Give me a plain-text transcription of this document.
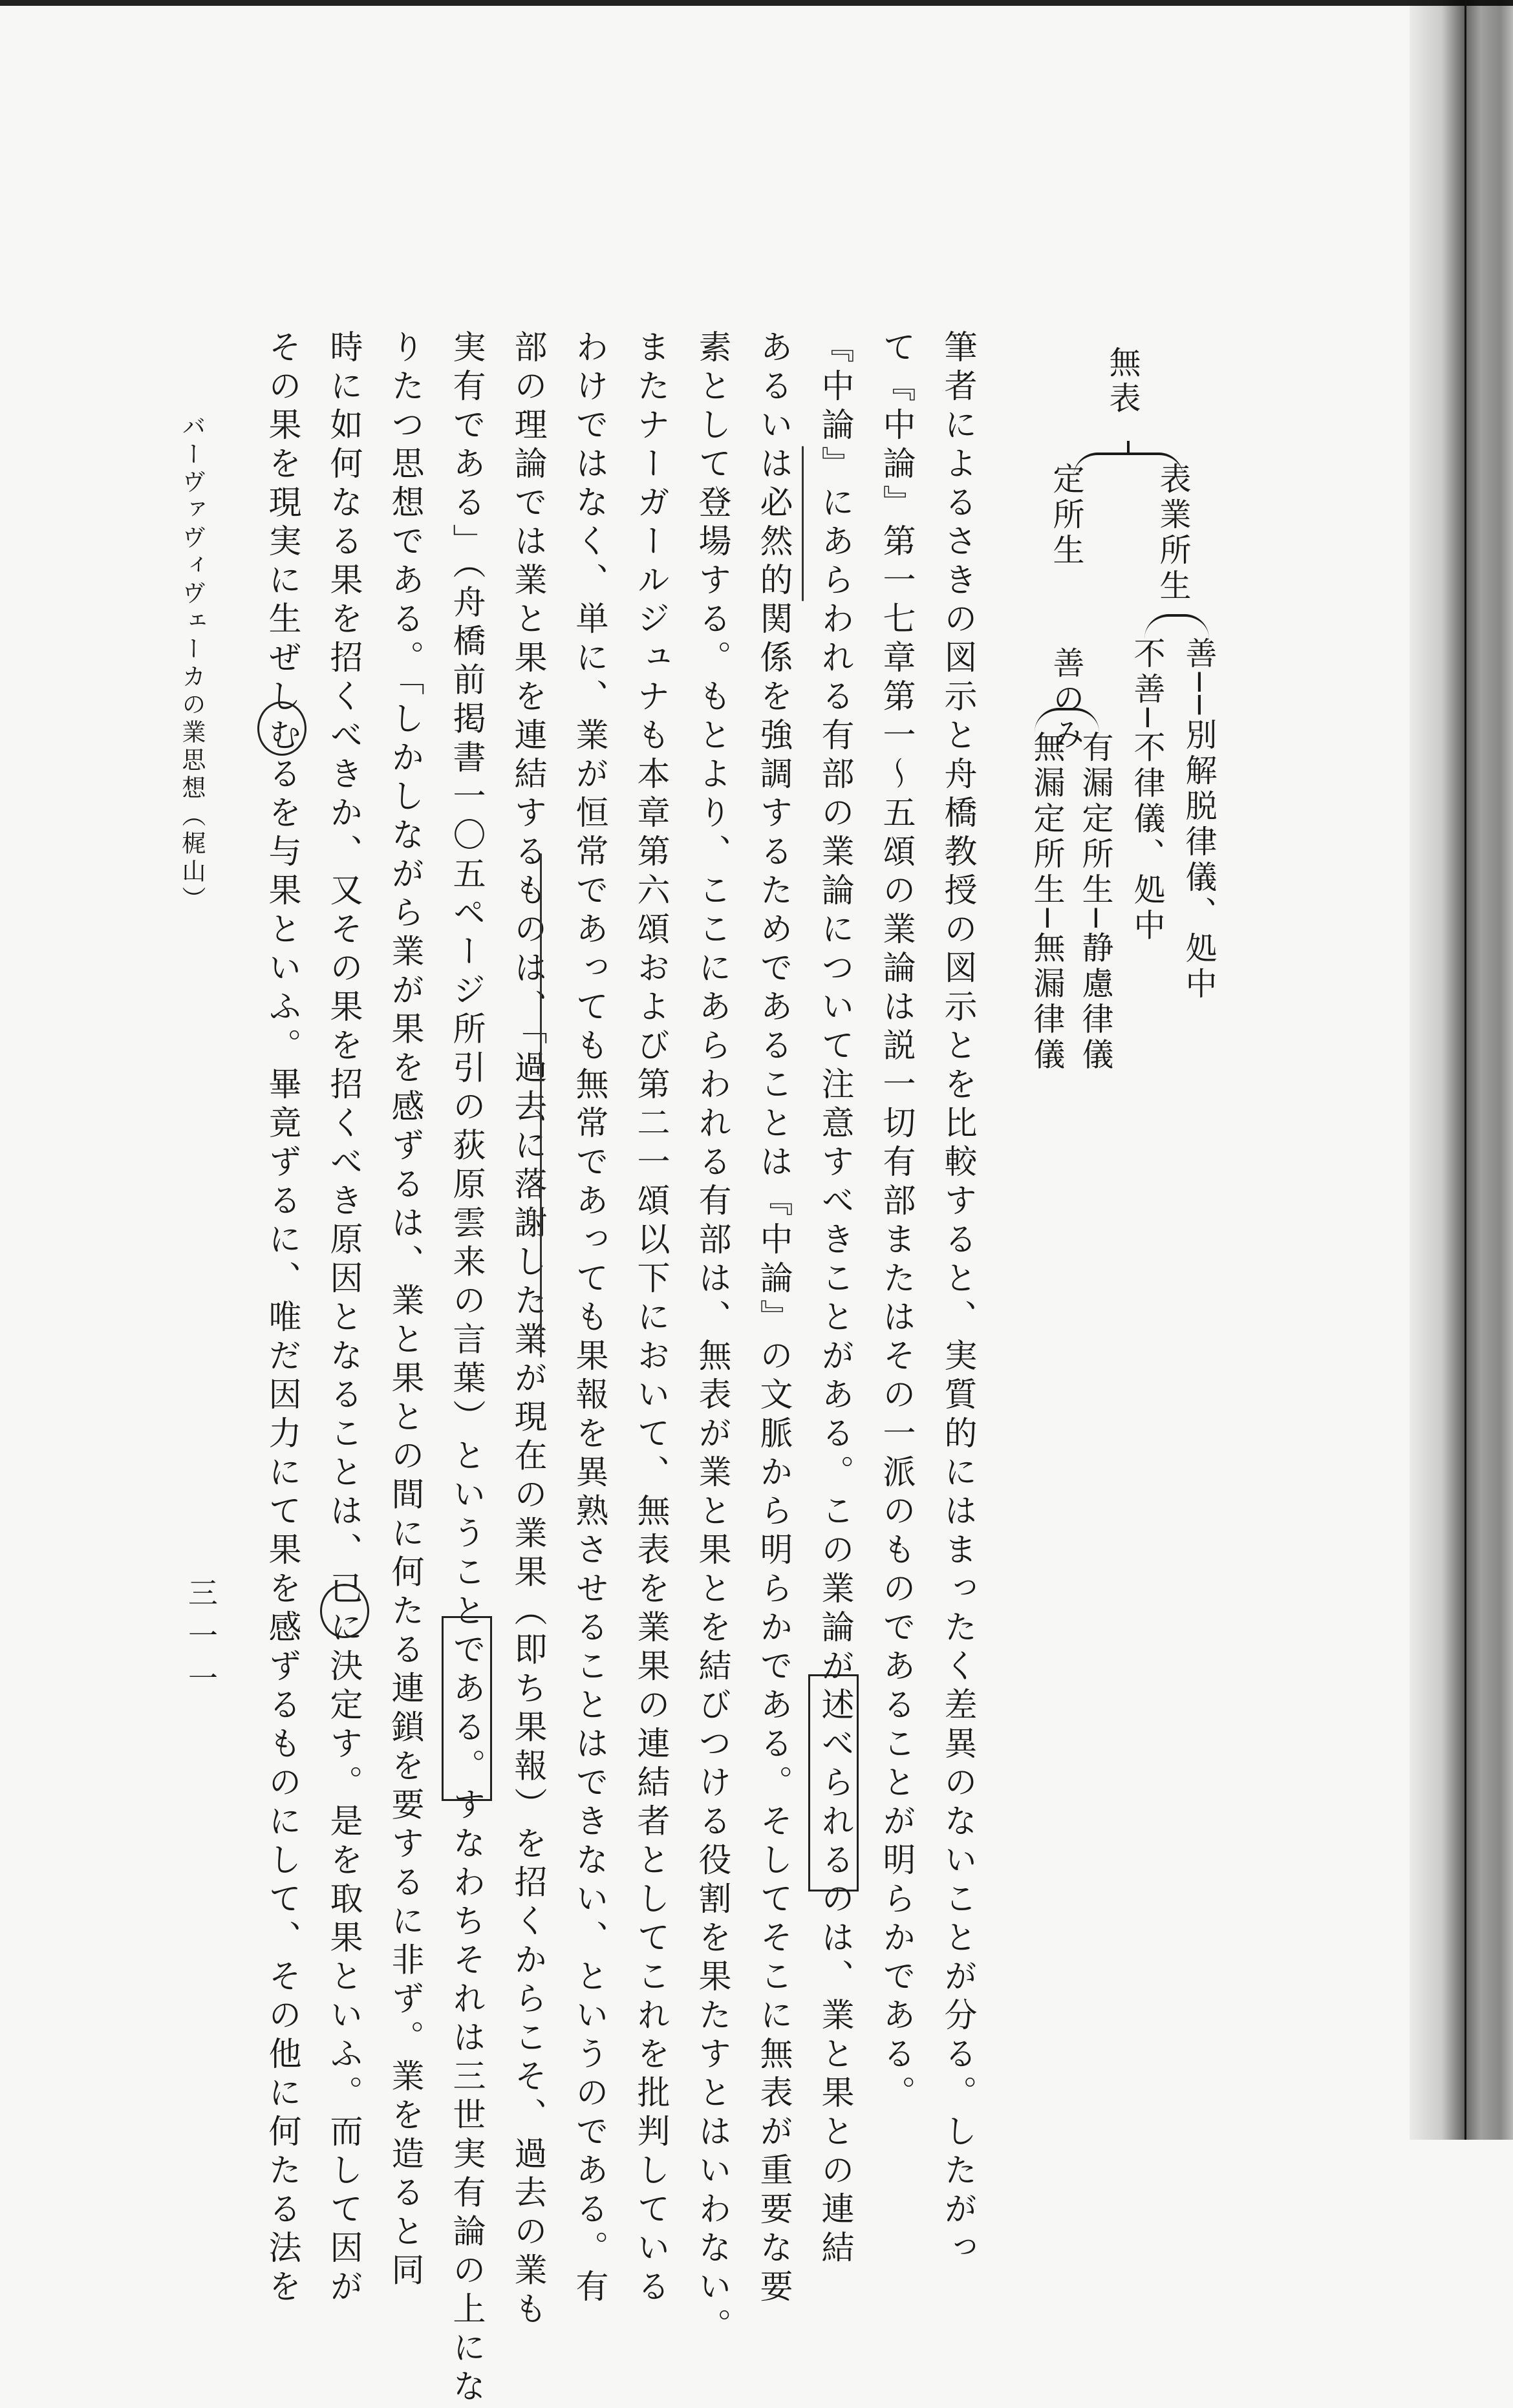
無表
表業所生
善──別解脱律儀、処中
不善─不律儀、処中
定所生
善のみ
有漏定所生─静慮律儀
無漏定所生─無漏律儀
筆者によるさきの図示と舟橋教授の図示とを比較すると、実質的にはまったく差異のないことが分る。したがっ
て『中論』第一七章第一～五頌の業論は説一切有部またはその一派のものであることが明らかである。
『中論』にあらわれる有部の業論について注意すべきことがある。この業論が述べられるのは、業と果との連結
あるいは必然的関係を強調するためであることは『中論』の文脈から明らかである。そしてそこに無表が重要な要
素として登場する。もとより、ここにあらわれる有部は、無表が業と果とを結びつける役割を果たすとはいわない。
またナーガールジュナも本章第六頌および第二一頌以下において、無表を業果の連結者としてこれを批判している
わけではなく、単に、業が恒常であっても無常であっても果報を異熟させることはできない、というのである。有
部の理論では業と果を連結するものは、「過去に落謝した業が現在の業果（即ち果報）を招くからこそ、過去の業も
実有である」（舟橋前掲書一〇五ページ所引の荻原雲来の言葉）ということである。すなわちそれは三世実有論の上にな
りたつ思想である。「しかしながら業が果を感ずるは、業と果との間に何たる連鎖を要するに非ず。業を造ると同
時に如何なる果を招くべきか、又その果を招くべき原因となることは、已に決定す。是を取果といふ。而して因が
その果を現実に生ぜしむるを与果といふ。畢竟ずるに、唯だ因力にて果を感ずるものにして、その他に何たる法を
バーヴァヴィヴェーカの業思想（梶山）
三一一
